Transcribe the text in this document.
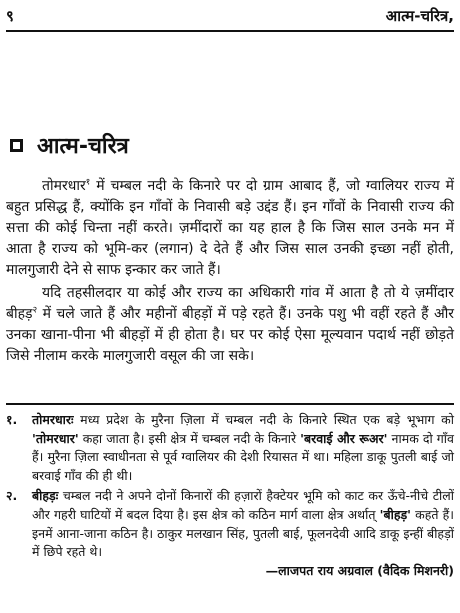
९	आत्म-चरित्र,
आत्म-चरित्र

तोमरधार$^१$ में चम्बल नदी के किनारे पर दो ग्राम आबाद हैं, जो ग्वालियर राज्य में बहुत प्रसिद्ध हैं, क्योंकि इन गाँवों के निवासी बड़े उद्दंड हैं। इन गाँवों के निवासी राज्य की सत्ता की कोई चिन्ता नहीं करते। ज़मींदारों का यह हाल है कि जिस साल उनके मन में आता है राज्य को भूमि-कर (लगान) दे देते हैं और जिस साल उनकी इच्छा नहीं होती, मालगुजारी देने से साफ इन्कार कर जाते हैं।

यदि तहसीलदार या कोई और राज्य का अधिकारी गांव में आता है तो ये ज़मींदार बीहड़$^२$ में चले जाते हैं और महीनों बीहड़ों में पड़े रहते हैं। उनके पशु भी वहीं रहते हैं और उनका खाना-पीना भी बीहड़ों में ही होता है। घर पर कोई ऐसा मूल्यवान पदार्थ नहीं छोड़ते जिसे नीलाम करके मालगुजारी वसूल की जा सके।

१.	तोमरधारः मध्य प्रदेश के मुरैना ज़िला में चम्बल नदी के किनारे स्थित एक बड़े भूभाग को 'तोमरधार' कहा जाता है। इसी क्षेत्र में चम्बल नदी के किनारे 'बरवाई और रूअर' नामक दो गाँव हैं। मुरैना ज़िला स्वाधीनता से पूर्व ग्वालियर की देशी रियासत में था। महिला डाकू पुतली बाई जो बरवाई गाँव की ही थी।
२.	बीहड़ः चम्बल नदी ने अपने दोनों किनारों की हज़ारों हैक्टेयर भूमि को काट कर ऊँचे-नीचे टीलों और गहरी घाटियों में बदल दिया है। इस क्षेत्र को कठिन मार्ग वाला क्षेत्र अर्थात् 'बीहड़' कहते हैं। इनमें आना-जाना कठिन है। ठाकुर मलखान सिंह, पुतली बाई, फूलनदेवी आदि डाकू इन्हीं बीहड़ों में छिपे रहते थे।
—लाजपत राय अग्रवाल (वैदिक मिशनरी)
